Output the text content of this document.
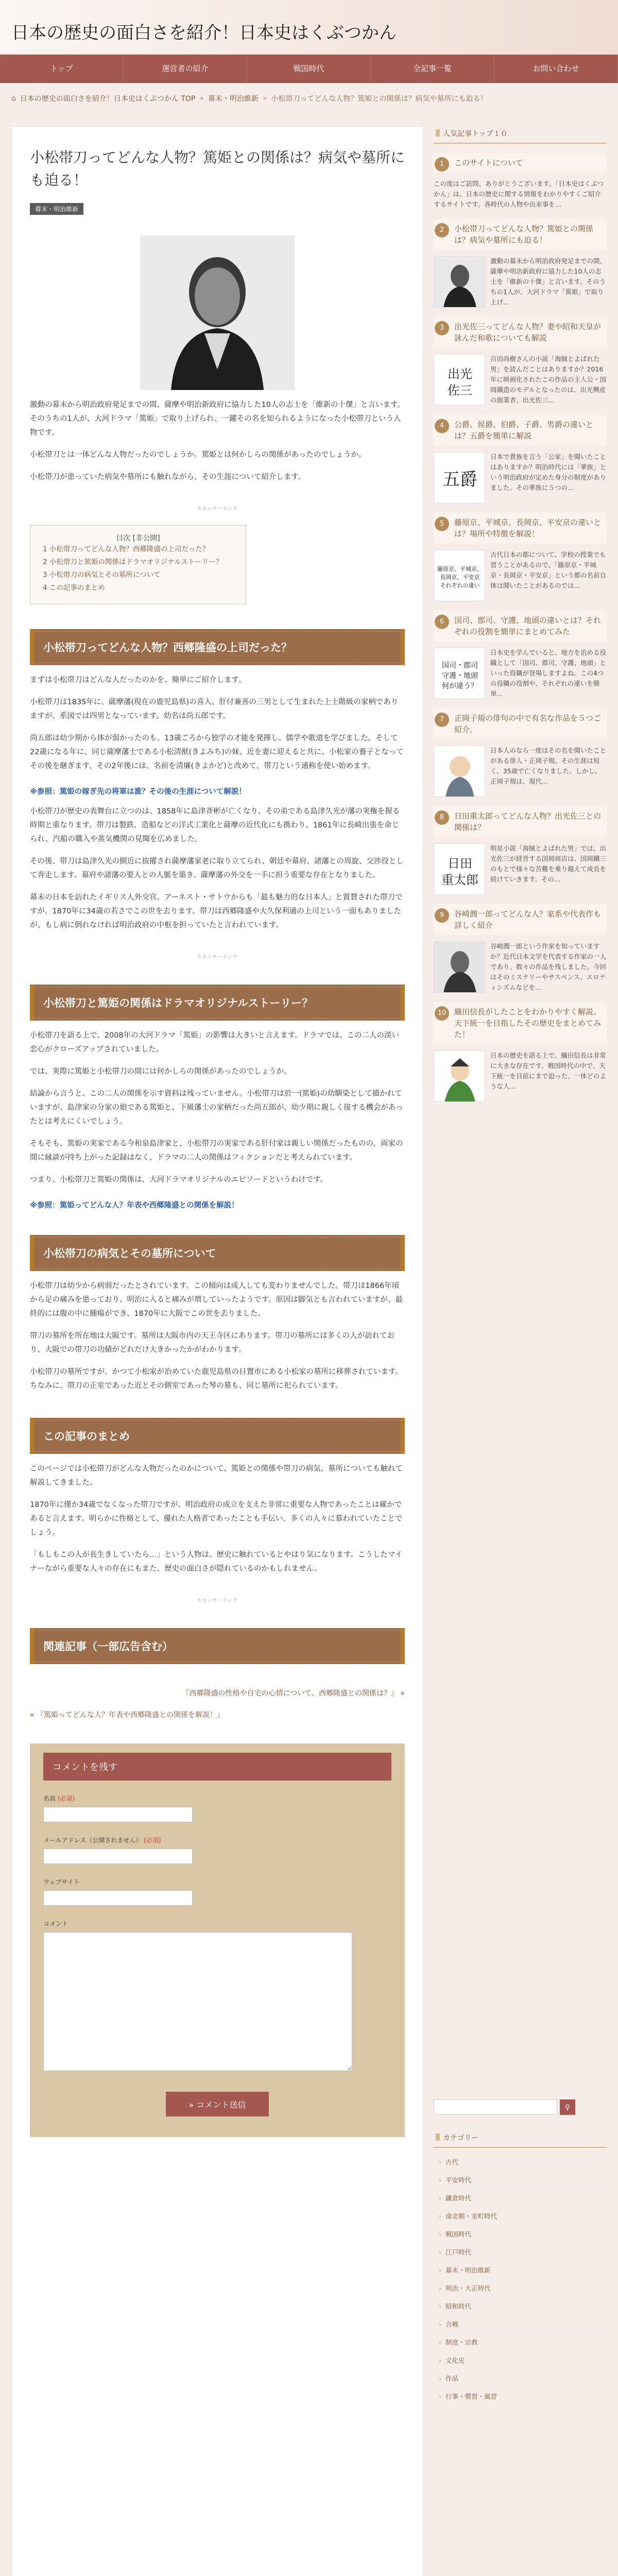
日本の歴史の面白さを紹介！日本史はくぶつかん
トップ	運営者の紹介	戦国時代	全記事一覧	お問い合わせ
⌂ 日本の歴史の面白さを紹介！日本史はくぶつかん TOP » 幕末・明治維新 » 小松帯刀ってどんな人物？篤姫との関係は？病気や墓所にも迫る！
小松帯刀ってどんな人物？篤姫との関係は？病気や墓所にも迫る！
幕末・明治維新

激動の幕末から明治政府発足までの間、薩摩や明治新政府に協力した10人の志士を「維新の十傑」と言います。そのうちの1人が、大河ドラマ「篤姫」で取り上げられ、一躍その名を知られるようになった小松帯刀という人物です。

小松帯刀とは一体どんな人物だったのでしょうか。篤姫とは何かしらの関係があったのでしょうか。

小松帯刀が患っていた病気や墓所にも触れながら、その生涯について紹介します。

スポンサーリンク
目次 [非公開]
1 小松帯刀ってどんな人物？西郷隆盛の上司だった？
2 小松帯刀と篤姫の関係はドラマオリジナルストーリー？
3 小松帯刀の病気とその墓所について
4 この記事のまとめ
小松帯刀ってどんな人物？西郷隆盛の上司だった？

まずは小松帯刀はどんな人だったのかを、簡単にご紹介します。

小松帯刀は1835年に、薩摩藩(現在の鹿児島県)の喜入、肝付兼善の三男として生まれた上士階級の家柄でありますが、系図では四男となっています。幼名は尚五郎です。

尚五郎は幼少期から体が弱かったのも、13歳ごろから独学の才能を発揮し、儒学や歌道を学びました。そして22歳になる年に、同じ薩摩藩士である小松清猷(きよみち)の妹、近を妻に迎えると共に、小松家の養子となってその後を継ぎます。その2年後には、名前を清廉(きよかど)と改めて、帯刀という通称を使い始めます。

※参照：篤姫の嫁ぎ先の将軍は誰？その後の生涯について解説！

小松帯刀が歴史の表舞台に立つのは、1858年に島津斉彬が亡くなり、その弟である島津久光が藩の実権を握る時期と重なります。帯刀は製鉄、造船などの洋式工業化と薩摩の近代化にも携わり、1861年に長崎出張を命じられ、汽船の購入や蒸気機関の見聞を広めました。

その後、帯刀は島津久光の側近に抜擢され薩摩藩家老に取り立てられ、朝廷や幕府、諸藩との周旋、交渉役として奔走します。幕府や諸藩の要人との人脈を築き、薩摩藩の外交を一手に担う重要な存在となりました。

幕末の日本を訪れたイギリス人外交官、アーネスト・サトウからも「最も魅力的な日本人」と賞賛された帯刀ですが、1870年に34歳の若さでこの世を去ります。帯刀は西郷隆盛や大久保利通の上司という一面もありましたが、もし病に倒れなければ明治政府の中枢を担っていたと言われています。

スポンサーリンク
小松帯刀と篤姫の関係はドラマオリジナルストーリー？

小松帯刀を語る上で、2008年の大河ドラマ「篤姫」の影響は大きいと言えます。ドラマでは、この二人の淡い恋心がクローズアップされていました。

では、実際に篤姫と小松帯刀の間には何かしらの関係があったのでしょうか。

結論から言うと、この二人の関係を示す資料は残っていません。小松帯刀は於一(篤姫)の幼馴染として描かれていますが、島津家の分家の娘である篤姫と、下級藩士の家柄だった尚五郎が、幼少期に親しく接する機会があったとは考えにくいでしょう。

そもそも、篤姫の実家である今和泉島津家と、小松帯刀の実家である肝付家は親しい関係だったものの、両家の間に縁談が持ち上がった記録はなく、ドラマの二人の関係はフィクションだと考えられています。

つまり、小松帯刀と篤姫の関係は、大河ドラマオリジナルのエピソードというわけです。

※参照：篤姫ってどんな人？年表や西郷隆盛との関係を解説！

小松帯刀の病気とその墓所について

小松帯刀は幼少から病弱だったとされています。この傾向は成人しても変わりませんでした。帯刀は1866年頃から足の痛みを患っており、明治に入ると痛みが増していったようです。原因は脚気とも言われていますが、最終的には腹の中に腫瘍ができ、1870年に大阪でこの世を去りました。

帯刀の墓所を所在地は大阪です。墓所は大阪市内の天王寺区にあります。帯刀の墓所には多くの人が訪れており、大阪での帯刀の功績がどれだけ大きかったかがわかります。

小松帯刀の墓所ですが、かつて小松家が治めていた鹿児島県の日置市にある小松家の墓所に移葬されています。ちなみに、帯刀の正室であった近とその側室であった琴の墓も、同じ墓所に祀られています。

この記事のまとめ

このページでは小松帯刀がどんな人物だったのかについて、篤姫との関係や帯刀の病気、墓所についても触れて解説してきました。

1870年に僅か34歳でなくなった帯刀ですが、明治政府の成立を支えた非常に重要な人物であったことは確かであると言えます。明らかに性格として、優れた人格者であったことも手伝い、多くの人々に慕われていたことでしょう。

「もしもこの人が長生きしていたら…」という人物は、歴史に触れているとやはり気になります。こうしたマイナーながら重要な人々の存在にもまた、歴史の面白さが隠れているのかもしれません。

スポンサーリンク
関連記事（一部広告含む）
『西郷隆盛の性格や自宅の心情について。西郷隆盛との関係は？』 »
« 『篤姫ってどんな人？年表や西郷隆盛との関係を解説！』
コメントを残す
名前 (必須)
メールアドレス（公開されません） (必須)
ウェブサイト
コメント
» コメント送信
人気記事トップ１０
1	このサイトについて
この度はご訪問、ありがとうございます。「日本史はくぶつかん」は、日本の歴史に関する情報をわかりやすくご紹介するサイトです。各時代の人物や出来事を...
2	小松帯刀ってどんな人物？篤姫との関係は？病気や墓所にも迫る！
激動の幕末から明治政府発足までの間、薩摩や明治新政府に協力した10人の志士を「維新の十傑」と言います。そのうちの1人が、大河ドラマ「篤姫」で取り上げ...
3	出光佐三ってどんな人物？妻や昭和天皇が詠んだ和歌についても解説
出光
佐三
百田尚樹さんの小説「海賊とよばれた男」を読んだことはありますか？2016年に映画化されたこの作品の主人公・国岡鐵造のモデルとなったのは、出光興産の創業者、出光佐三...
4	公爵、侯爵、伯爵、子爵、男爵の違いとは？五爵を簡単に解説
五爵
日本で貴族を言う「公家」を聞いたことはありますか？明治時代には「華族」という明治政府が定めた身分の制度がありました。その華族に５つの...
5	藤原京、平城京、長岡京、平安京の違いとは？場所や特徴を解説！
藤原京、平城京、
長岡京、平安京
それぞれの違い
古代日本の都について、学校の授業でも習うことがあるので、「藤原京・平城京・長岡京・平安京」という都の名前自体は聞いたことがあるのでは...
6	国司、郡司、守護、地頭の違いとは？それぞれの役割を簡単にまとめてみた
国司・郡司
守護・地頭
何が違う？
日本史を学んでいると、地方を治める役職として「国司、郡司、守護、地頭」といった役職が登場しますよね。この4つの役職の役割や、それぞれの違いを簡単...
7	正岡子規の俳句の中で有名な作品を５つご紹介。
日本人のなら一度はその名を聞いたことがある俳人・正岡子規。その生涯は短く、35歳で亡くなりました。しかし、正岡子規は、現代...
8	日田重太郎ってどんな人物？出光佐三との関係は？
日田
重太郎
明星小説「海賊とよばれた男」では、出光佐三が経営する国岡商店は、国岡鐵三のもとで様々な苦難を乗り越えて成長を続けていきます。その...
9	谷崎潤一郎ってどんな人？家系や代表作も詳しく紹介
谷崎潤一郎という作家を知っていますか？近代日本文学を代表する作家の一人であり、数々の作品を残しました。今回はそのミステリーやサスペンス、エロティシズムなどを...
10	織田信長がしたことをわかりやすく解説。天下統一を目指したその歴史をまとめてみた！
日本の歴史を語る上で、織田信長は非常に大きな存在です。戦国時代の中で、天下統一を目前にまで迫った、一体どのような人...
⚲
カテゴリー
› 古代
› 平安時代
› 鎌倉時代
› 南北朝・室町時代
› 戦国時代
› 江戸時代
› 幕末・明治維新
› 明治・大正時代
› 昭和時代
› 合戦
› 制度・宗教
› 文化史
› 作品
› 行事・慣習・風習
